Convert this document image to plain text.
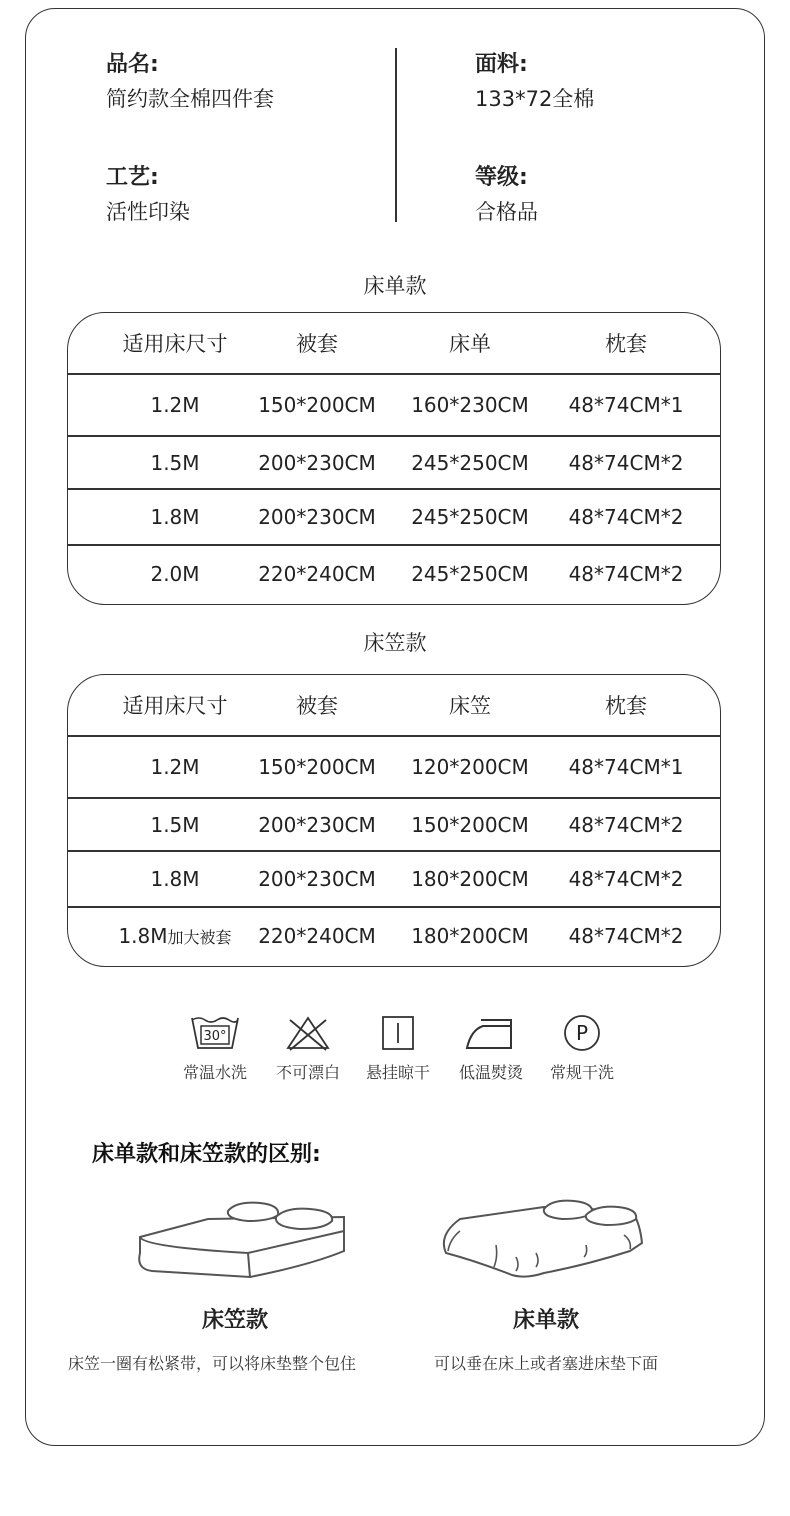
品名:
简约款全棉四件套
面料:
133*72全棉
工艺:
活性印染
等级:
合格品
床单款
适用床尺寸	被套	床单	枕套
1.2M	150*200CM	160*230CM	48*74CM*1
1.5M	200*230CM	245*250CM	48*74CM*2
1.8M	200*230CM	245*250CM	48*74CM*2
2.0M	220*240CM	245*250CM	48*74CM*2
床笠款
适用床尺寸	被套	床笠	枕套
1.2M	150*200CM	120*200CM	48*74CM*1
1.5M	200*230CM	150*200CM	48*74CM*2
1.8M	200*230CM	180*200CM	48*74CM*2
1.8M 加大被套	220*240CM	180*200CM	48*74CM*2
30°
常温水洗	不可漂白	悬挂晾干	低温熨烫
P
常规干洗
床单款和床笠款的区别:
床笠款	床单款
床笠一圈有松紧带，可以将床垫整个包住	可以垂在床上或者塞进床垫下面
